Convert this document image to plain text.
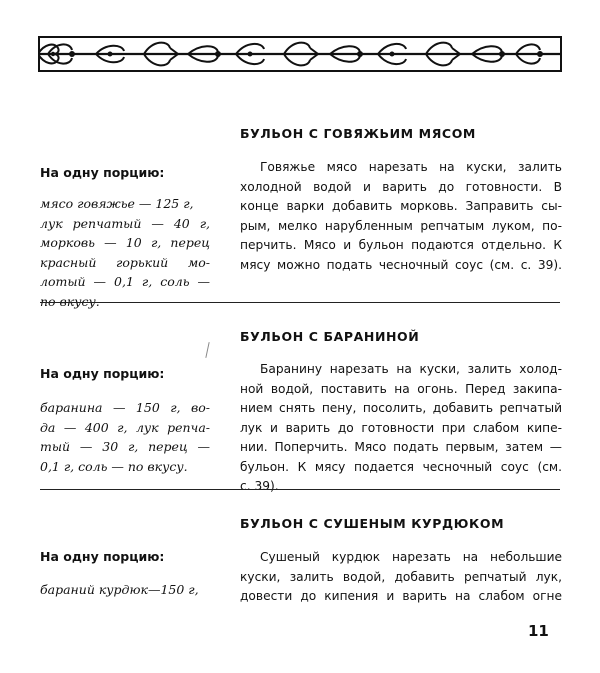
БУЛЬОН С ГОВЯЖЬИМ МЯСОМ
На одну порцию:
мясо говяжье — 125 г,
лук репчатый — 40 г,
морковь — 10 г, перец
красный горький мо-
лотый — 0,1 г, соль —
по вкусу.
Говяжье мясо нарезать на куски, залить
холодной водой и варить до готовности. В
конце варки добавить морковь. Заправить сы-
рым, мелко нарубленным репчатым луком, по-
перчить. Мясо и бульон подаются отдельно. К
мясу можно подать чесночный соус (см. с. 39).
БУЛЬОН С БАРАНИНОЙ
На одну порцию:
баранина — 150 г, во-
да — 400 г, лук репча-
тый — 30 г, перец —
0,1 г, соль — по вкусу.
Баранину нарезать на куски, залить холод-
ной водой, поставить на огонь. Перед закипа-
нием снять пену, посолить, добавить репчатый
лук и варить до готовности при слабом кипе-
нии. Поперчить. Мясо подать первым, затем —
бульон. К мясу подается чесночный соус (см.
с. 39).
БУЛЬОН С СУШЕНЫМ КУРДЮКОМ
На одну порцию:
бараний курдюк—150 г,
Сушеный курдюк нарезать на небольшие
куски, залить водой, добавить репчатый лук,
довести до кипения и варить на слабом огне
11
